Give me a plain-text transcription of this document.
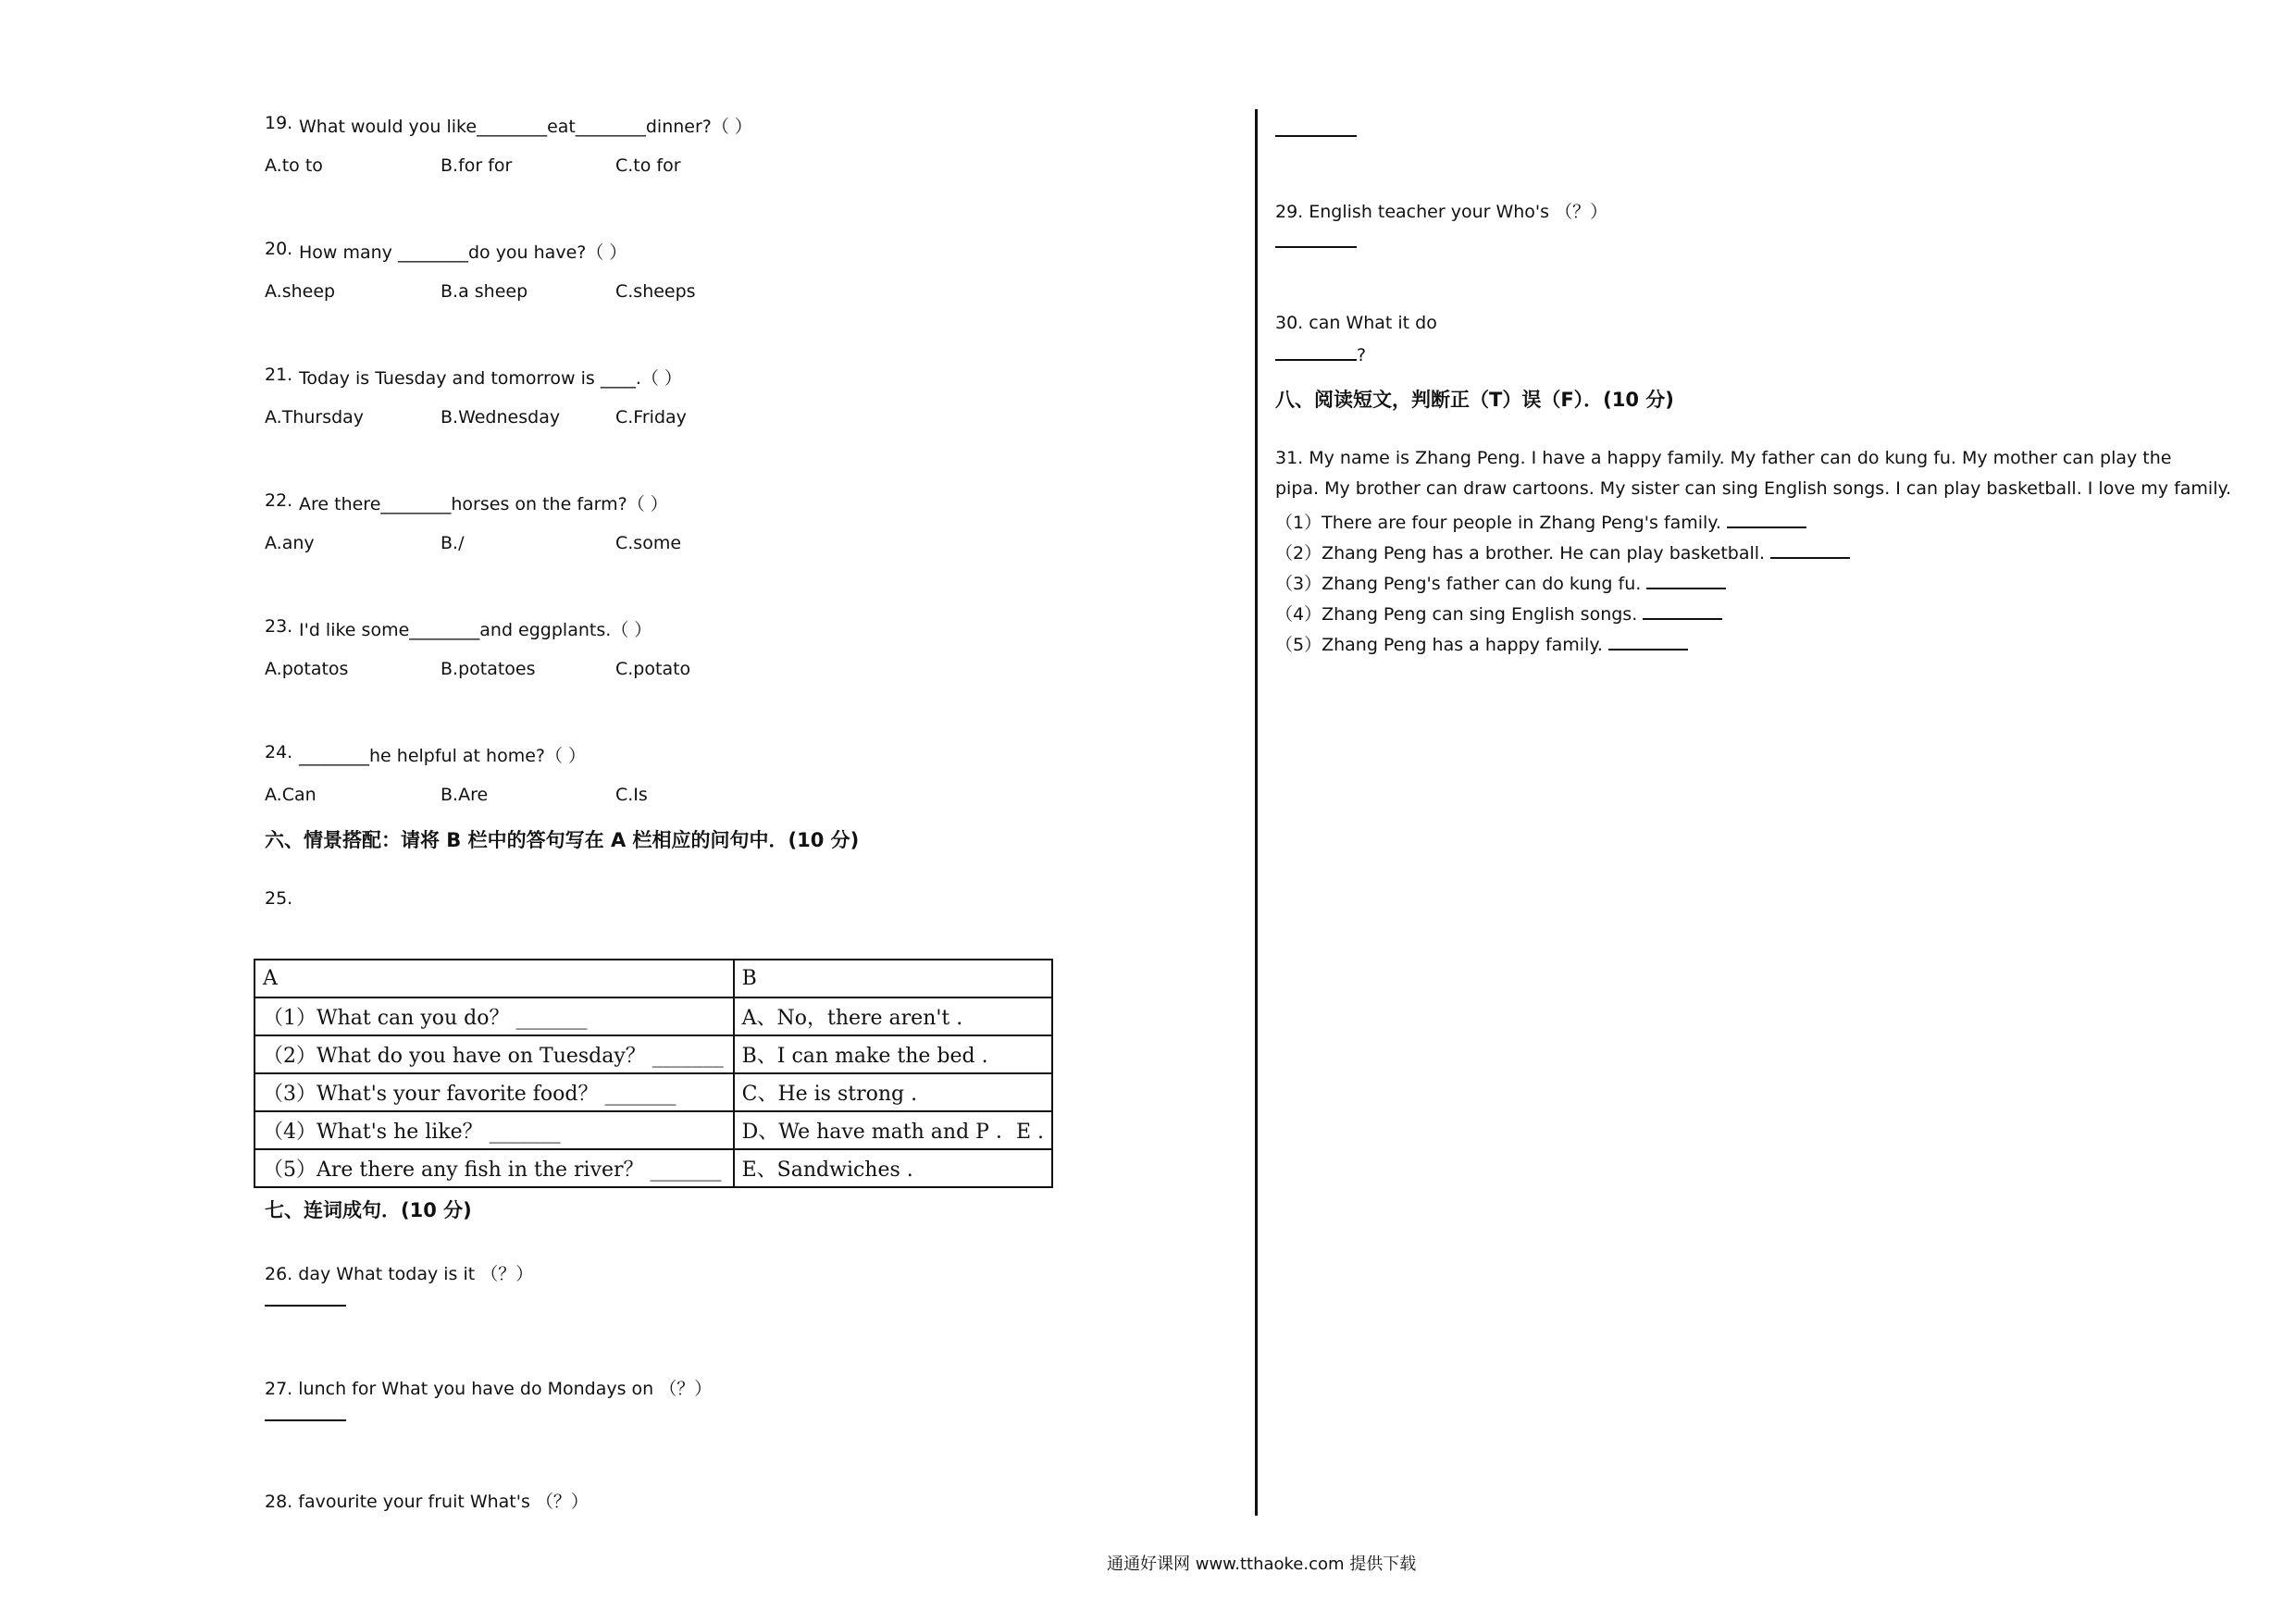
19. What would you like________eat________dinner?（ ）
A.to to	B.for for	C.to for
20. How many ________do you have?（ ）
A.sheep	B.a sheep	C.sheeps
21. Today is Tuesday and tomorrow is ____.（ ）
A.Thursday	B.Wednesday	C.Friday
22. Are there________horses on the farm?（ ）
A.any	B./	C.some
23. I'd like some________and eggplants.（ ）
A.potatos	B.potatoes	C.potato
24. ________he helpful at home?（ ）
A.Can	B.Are	C.Is
六、情景搭配：请将 B 栏中的答句写在 A 栏相应的问句中．(10 分)
25.
A	B
（1）What can you do？ _______	A、No，there aren't .
（2）What do you have on Tuesday？ _______	B、I can make the bed .
（3）What's your favorite food？ _______	C、He is strong .
（4）What's he like？ _______	D、We have math and P ．E .
（5）Are there any fish in the river？ _______	E、Sandwiches .
七、连词成句．(10 分)
26. day What today is it （？）
27. lunch for What you have do Mondays on （？）
28. favourite your fruit What's （？）
29. English teacher your Who's （？）
30. can What it do
?
八、阅读短文，判断正（T）误（F）．(10 分)
31. My name is Zhang Peng. I have a happy family. My father can do kung fu. My mother can play the
pipa. My brother can draw cartoons. My sister can sing English songs. I can play basketball. I love my family.
（1）There are four people in Zhang Peng's family.
（2）Zhang Peng has a brother. He can play basketball.
（3）Zhang Peng's father can do kung fu.
（4）Zhang Peng can sing English songs.
（5）Zhang Peng has a happy family.
通通好课网 www.tthaoke.com 提供下载
